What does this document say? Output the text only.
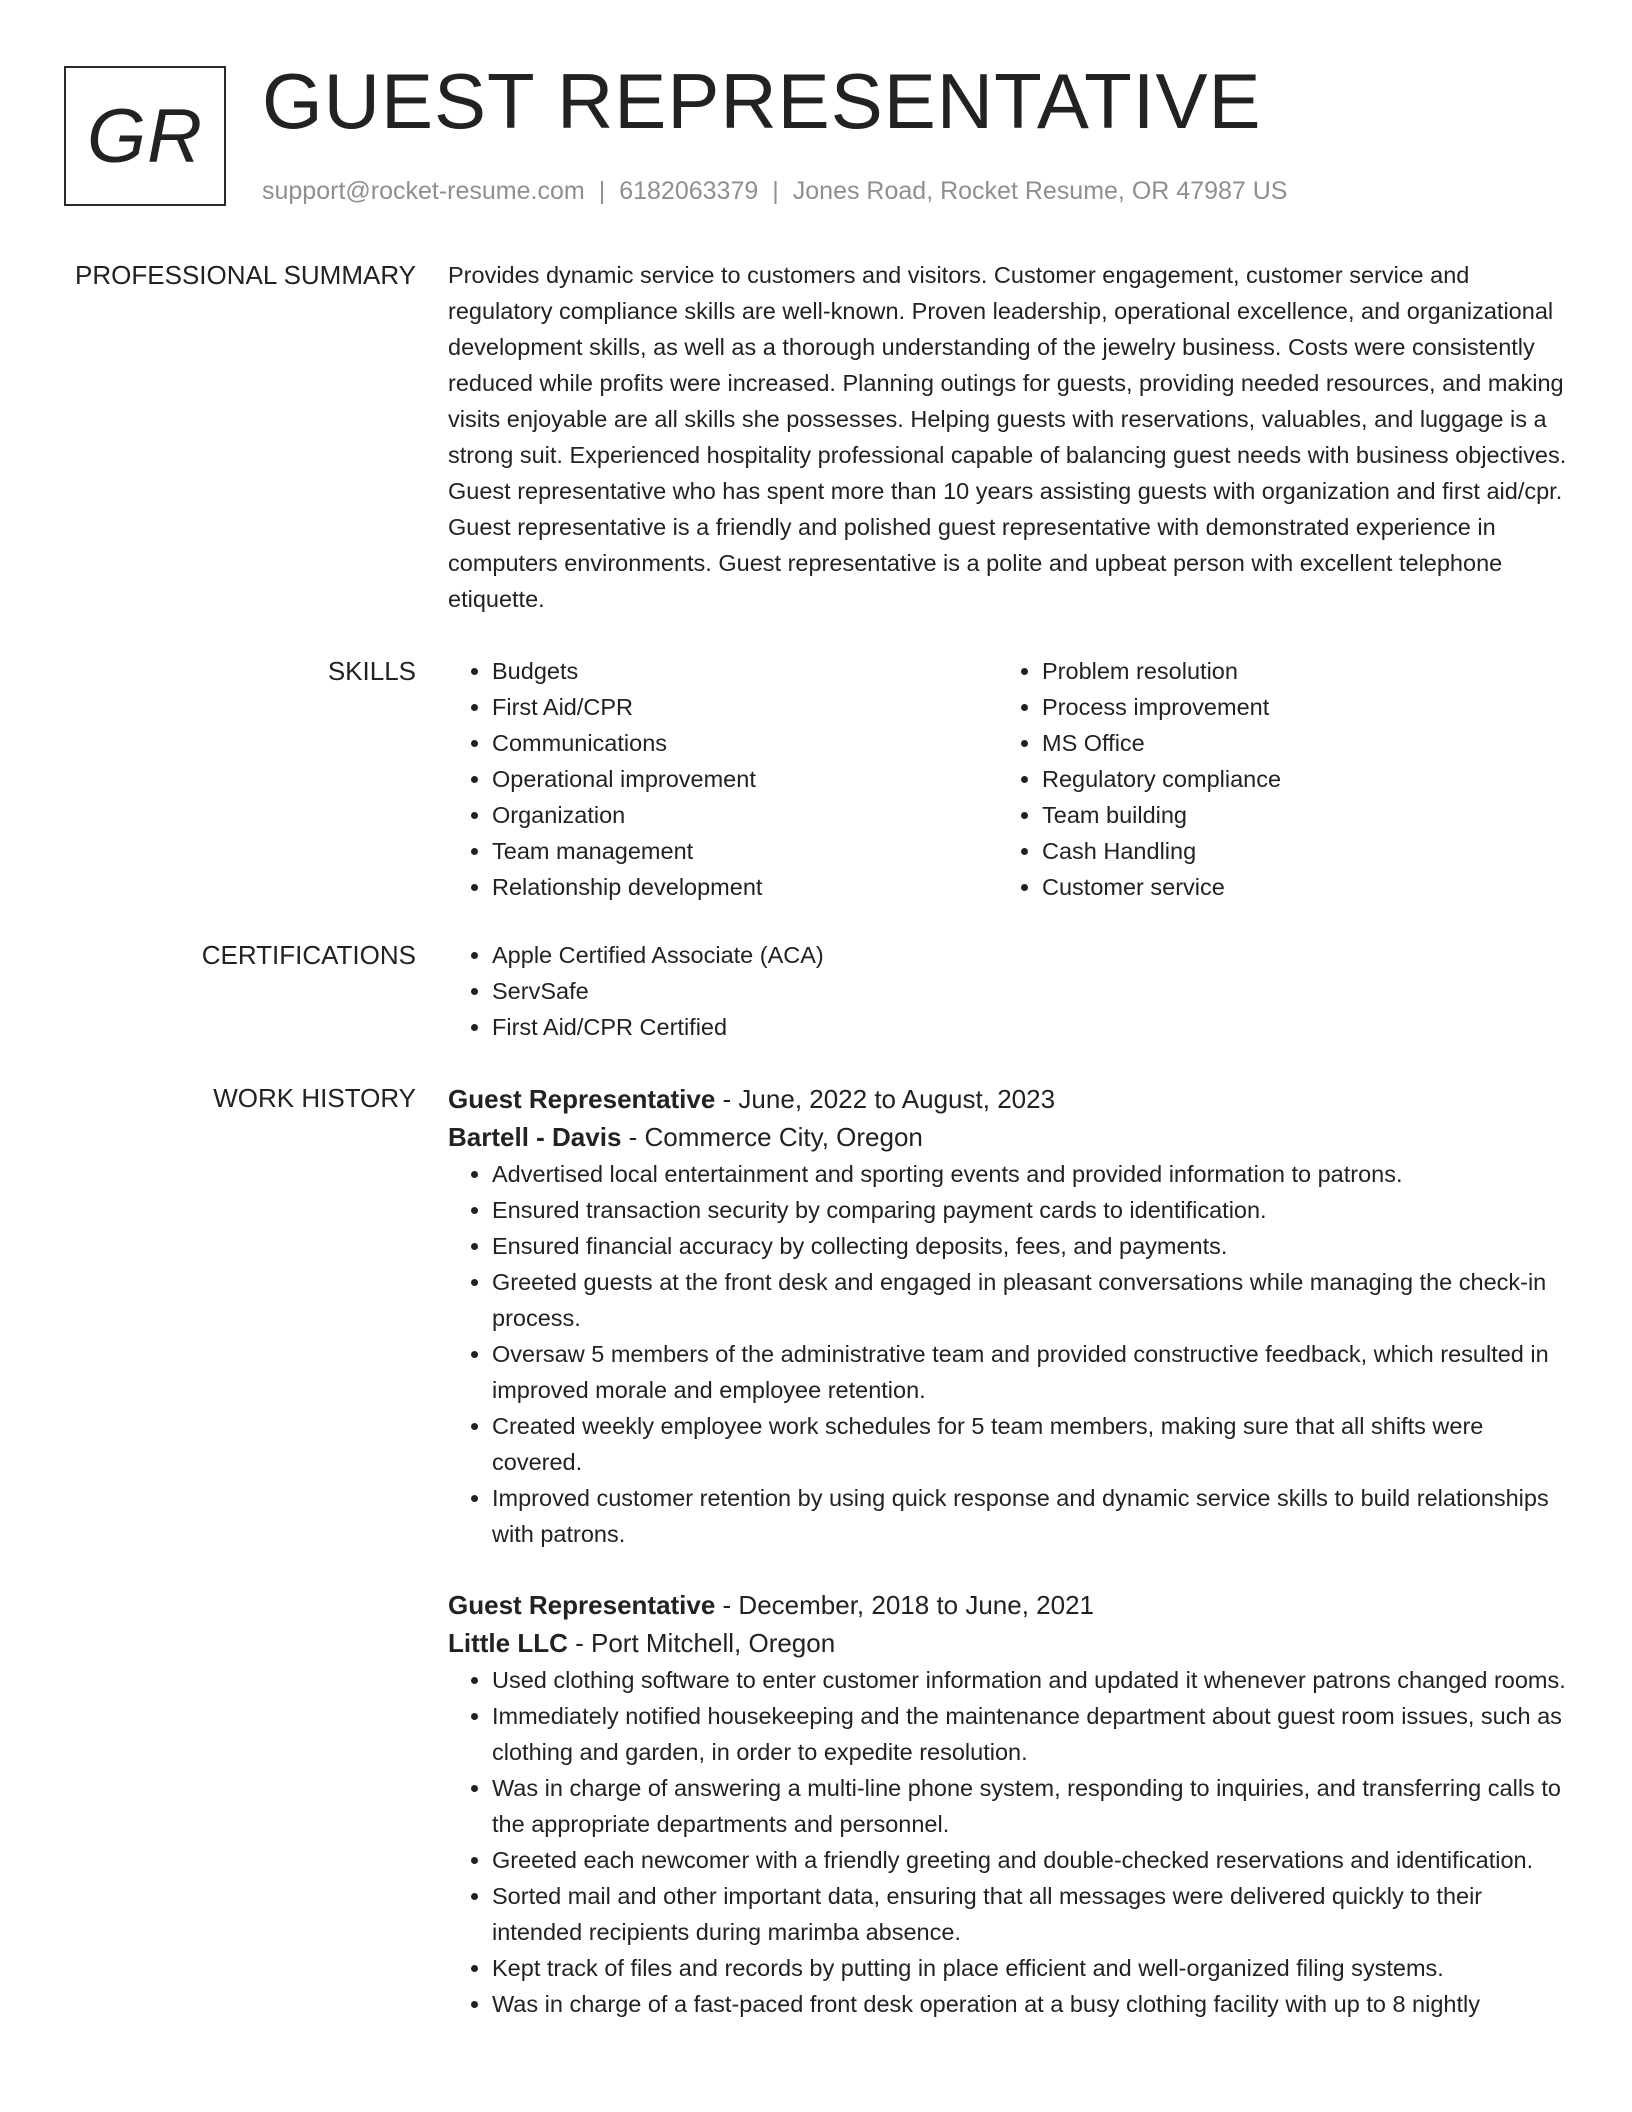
GR GUEST REPRESENTATIVE
support@rocket-resume.com | 6182063379 | Jones Road, Rocket Resume, OR 47987 US
PROFESSIONAL SUMMARY Provides dynamic service to customers and visitors. Customer engagement, customer service and regulatory compliance skills are well-known. Proven leadership, operational excellence, and organizational development skills, as well as a thorough understanding of the jewelry business. Costs were consistently reduced while profits were increased. Planning outings for guests, providing needed resources, and making visits enjoyable are all skills she possesses. Helping guests with reservations, valuables, and luggage is a strong suit. Experienced hospitality professional capable of balancing guest needs with business objectives. Guest representative who has spent more than 10 years assisting guests with organization and first aid/cpr. Guest representative is a friendly and polished guest representative with demonstrated experience in computers environments. Guest representative is a polite and upbeat person with excellent telephone etiquette.

SKILLS	• Budgets
• First Aid/CPR
• Communications
• Operational improvement
• Organization
• Team management
• Relationship development
• Problem resolution
• Process improvement
• MS Office
• Regulatory compliance
• Team building
• Cash Handling
• Customer service
CERTIFICATIONS	• Apple Certified Associate (ACA)
• ServSafe
• First Aid/CPR Certified
WORK HISTORY Guest Representative - June, 2022 to August, 2023
Bartell - Davis - Commerce City, Oregon
• Advertised local entertainment and sporting events and provided information to patrons.
• Ensured transaction security by comparing payment cards to identification.
• Ensured financial accuracy by collecting deposits, fees, and payments.
• Greeted guests at the front desk and engaged in pleasant conversations while managing the check-in process.
• Oversaw 5 members of the administrative team and provided constructive feedback, which resulted in improved morale and employee retention.
• Created weekly employee work schedules for 5 team members, making sure that all shifts were covered.
• Improved customer retention by using quick response and dynamic service skills to build relationships with patrons.
Guest Representative - December, 2018 to June, 2021
Little LLC - Port Mitchell, Oregon
• Used clothing software to enter customer information and updated it whenever patrons changed rooms.
• Immediately notified housekeeping and the maintenance department about guest room issues, such as clothing and garden, in order to expedite resolution.
• Was in charge of answering a multi-line phone system, responding to inquiries, and transferring calls to the appropriate departments and personnel.
• Greeted each newcomer with a friendly greeting and double-checked reservations and identification.
• Sorted mail and other important data, ensuring that all messages were delivered quickly to their intended recipients during marimba absence.
• Kept track of files and records by putting in place efficient and well-organized filing systems.
• Was in charge of a fast-paced front desk operation at a busy clothing facility with up to 8 nightly
